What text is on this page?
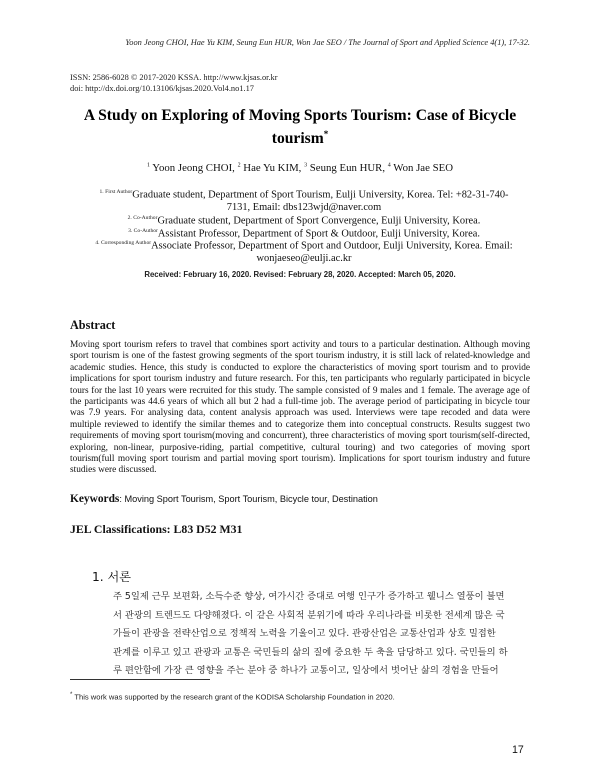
Yoon Jeong CHOI, Hae Yu KIM, Seung Eun HUR, Won Jae SEO / The Journal of Sport and Applied Science 4(1), 17-32.
ISSN: 2586-6028 © 2017-2020 KSSA. http://www.kjsas.or.kr
doi: http://dx.doi.org/10.13106/kjsas.2020.Vol4.no1.17
A Study on Exploring of Moving Sports Tourism: Case of Bicycle tourism*
$^1$ Yoon Jeong CHOI, $^2$ Hae Yu KIM, $^3$ Seung Eun HUR, $^4$ Won Jae SEO
$^{1. First Author}$Graduate student, Department of Sport Tourism, Eulji University, Korea. Tel: +82-31-740-
7131, Email: dbs123wjd@naver.com
$^{2. Co-Author}$Graduate student, Department of Sport Convergence, Eulji University, Korea.
$^{3. Co-Author}$Assistant Professor, Department of Sport & Outdoor, Eulji University, Korea.
$^{4. Corresponding Author}$Associate Professor, Department of Sport and Outdoor, Eulji University, Korea. Email:
wonjaeseo@eulji.ac.kr
Received: February 16, 2020. Revised: February 28, 2020. Accepted: March 05, 2020.
Abstract
Moving sport tourism refers to travel that combines sport activity and tours to a particular destination. Although moving sport tourism is one of the fastest growing segments of the sport tourism industry, it is still lack of related-knowledge and academic studies. Hence, this study is conducted to explore the characteristics of moving sport tourism and to provide implications for sport tourism industry and future research. For this, ten participants who regularly participated in bicycle tours for the last 10 years were recruited for this study. The sample consisted of 9 males and 1 female. The average age of the participants was 44.6 years of which all but 2 had a full-time job. The average period of participating in bicycle tour was 7.9 years. For analysing data, content analysis approach was used. Interviews were tape recoded and data were multiple reviewed to identify the similar themes and to categorize them into conceptual constructs. Results suggest two requirements of moving sport tourism(moving and concurrent), three characteristics of moving sport tourism(self-directed, exploring, non-linear, purposive-riding, partial competitive, cultural touring) and two categories of moving sport tourism(full moving sport tourism and partial moving sport tourism). Implications for sport tourism industry and future studies were discussed.
Keywords: Moving Sport Tourism, Sport Tourism, Bicycle tour, Destination
JEL Classifications: L83 D52 M31
1. 서론

주 5일제 근무 보편화, 소득수준 향상, 여가시간 증대로 여행 인구가 증가하고 웰니스 열풍이 불면

서 관광의 트렌드도 다양해졌다. 이 같은 사회적 분위기에 따라 우리나라를 비롯한 전세계 많은 국

가들이 관광을 전략산업으로 정책적 노력을 기울이고 있다. 관광산업은 교통산업과 상호 밀접한

관계를 이루고 있고 관광과 교통은 국민들의 삶의 질에 중요한 두 축을 담당하고 있다. 국민들의 하

루 편안함에 가장 큰 영향을 주는 분야 중 하나가 교통이고, 일상에서 벗어난 삶의 경험을 만들어

* This work was supported by the research grant of the KODISA Scholarship Foundation in 2020.
17
